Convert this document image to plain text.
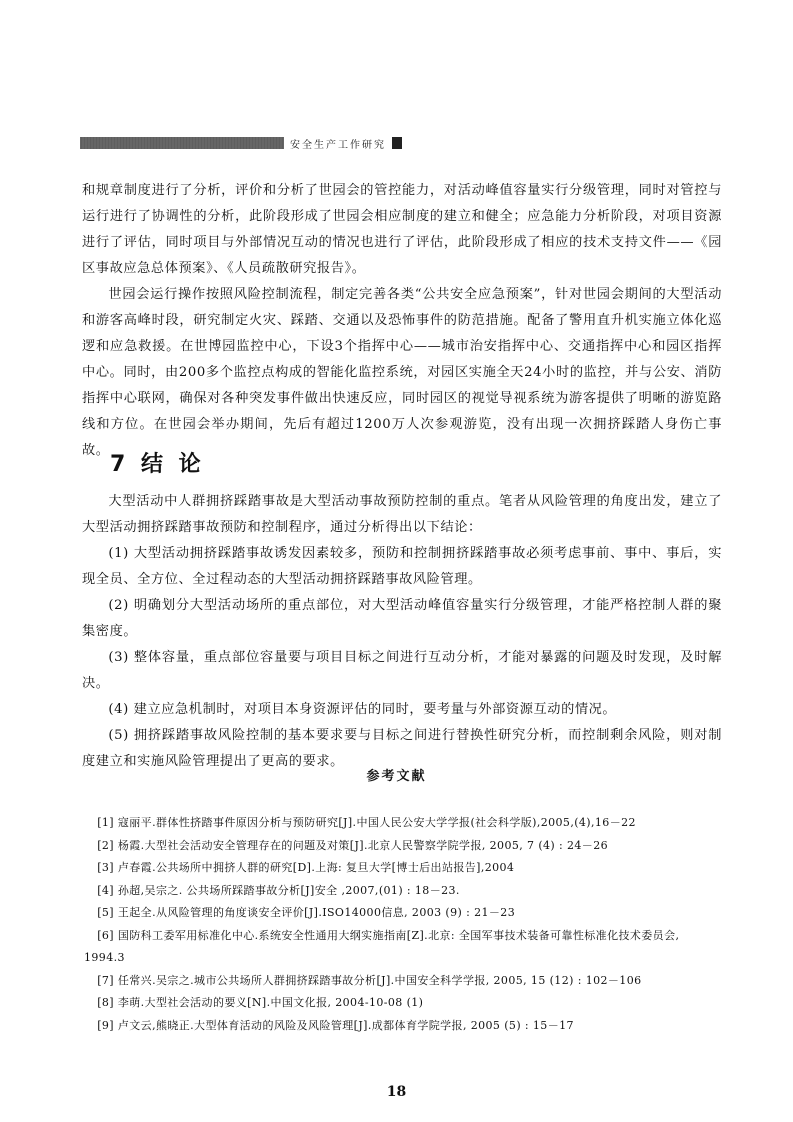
安全生产工作研究

和规章制度进行了分析，评价和分析了世园会的管控能力，对活动峰值容量实行分级管理，同时对管控与运行进行了协调性的分析，此阶段形成了世园会相应制度的建立和健全；应急能力分析阶段，对项目资源进行了评估，同时项目与外部情况互动的情况也进行了评估，此阶段形成了相应的技术支持文件——《园区事故应急总体预案》、《人员疏散研究报告》。

世园会运行操作按照风险控制流程，制定完善各类“公共安全应急预案”，针对世园会期间的大型活动和游客高峰时段，研究制定火灾、踩踏、交通以及恐怖事件的防范措施。配备了警用直升机实施立体化巡逻和应急救援。在世博园监控中心，下设3个指挥中心——城市治安指挥中心、交通指挥中心和园区指挥中心。同时，由200多个监控点构成的智能化监控系统，对园区实施全天24小时的监控，并与公安、消防指挥中心联网，确保对各种突发事件做出快速反应，同时园区的视觉导视系统为游客提供了明晰的游览路线和方位。在世园会举办期间，先后有超过1200万人次参观游览，没有出现一次拥挤踩踏人身伤亡事故。

7 结 论

大型活动中人群拥挤踩踏事故是大型活动事故预防控制的重点。笔者从风险管理的角度出发，建立了大型活动拥挤踩踏事故预防和控制程序，通过分析得出以下结论：

(1) 大型活动拥挤踩踏事故诱发因素较多，预防和控制拥挤踩踏事故必须考虑事前、事中、事后，实现全员、全方位、全过程动态的大型活动拥挤踩踏事故风险管理。

(2) 明确划分大型活动场所的重点部位，对大型活动峰值容量实行分级管理，才能严格控制人群的聚集密度。

(3) 整体容量，重点部位容量要与项目目标之间进行互动分析，才能对暴露的问题及时发现，及时解决。

(4) 建立应急机制时，对项目本身资源评估的同时，要考量与外部资源互动的情况。

(5) 拥挤踩踏事故风险控制的基本要求要与目标之间进行替换性研究分析，而控制剩余风险，则对制度建立和实施风险管理提出了更高的要求。

参考文献

[1] 寇丽平.群体性挤踏事件原因分析与预防研究[J].中国人民公安大学学报(社会科学版),2005,(4),16－22

[2] 杨霞.大型社会活动安全管理存在的问题及对策[J].北京人民警察学院学报, 2005, 7 (4) : 24－26

[3] 卢春霞.公共场所中拥挤人群的研究[D].上海: 复旦大学[博士后出站报告],2004

[4] 孙超,吴宗之. 公共场所踩踏事故分析[J]安全 ,2007,(01) : 18－23.

[5] 王起全.从风险管理的角度谈安全评价[J].ISO14000信息, 2003 (9) : 21－23

[6] 国防科工委军用标准化中心.系统安全性通用大纲实施指南[Z].北京: 全国军事技术装备可靠性标准化技术委员会, 1994.3

[7] 任常兴.吴宗之.城市公共场所人群拥挤踩踏事故分析[J].中国安全科学学报, 2005, 15 (12) : 102－106

[8] 李萌.大型社会活动的要义[N].中国文化报, 2004-10-08 (1)

[9] 卢文云,熊晓正.大型体育活动的风险及风险管理[J].成都体育学院学报, 2005 (5) : 15－17

18
